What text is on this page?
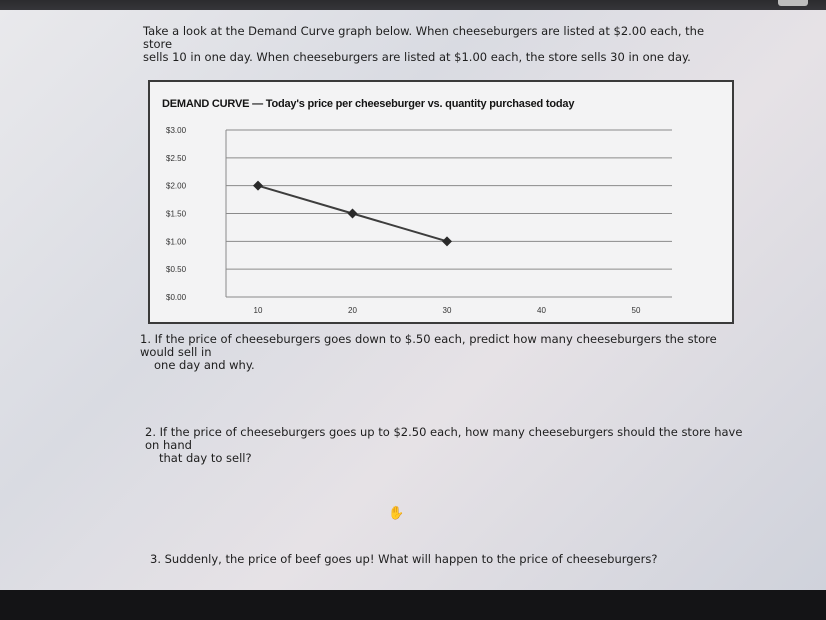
Take a look at the Demand Curve graph below. When cheeseburgers are listed at $2.00 each, the
store
sells 10 in one day. When cheeseburgers are listed at $1.00 each, the store sells 30 in one day.
DEMAND CURVE — Today's price per cheeseburger vs. quantity purchased today
$0.00
$0.50
$1.00
$1.50
$2.00
$2.50
$3.00
10	20	30	40	50
1. If the price of cheeseburgers goes down to $.50 each, predict how many cheeseburgers the store
would sell in
one day and why.
2. If the price of cheeseburgers goes up to $2.50 each, how many cheeseburgers should the store have
on hand
that day to sell?
3. Suddenly, the price of beef goes up! What will happen to the price of cheeseburgers?
✋
